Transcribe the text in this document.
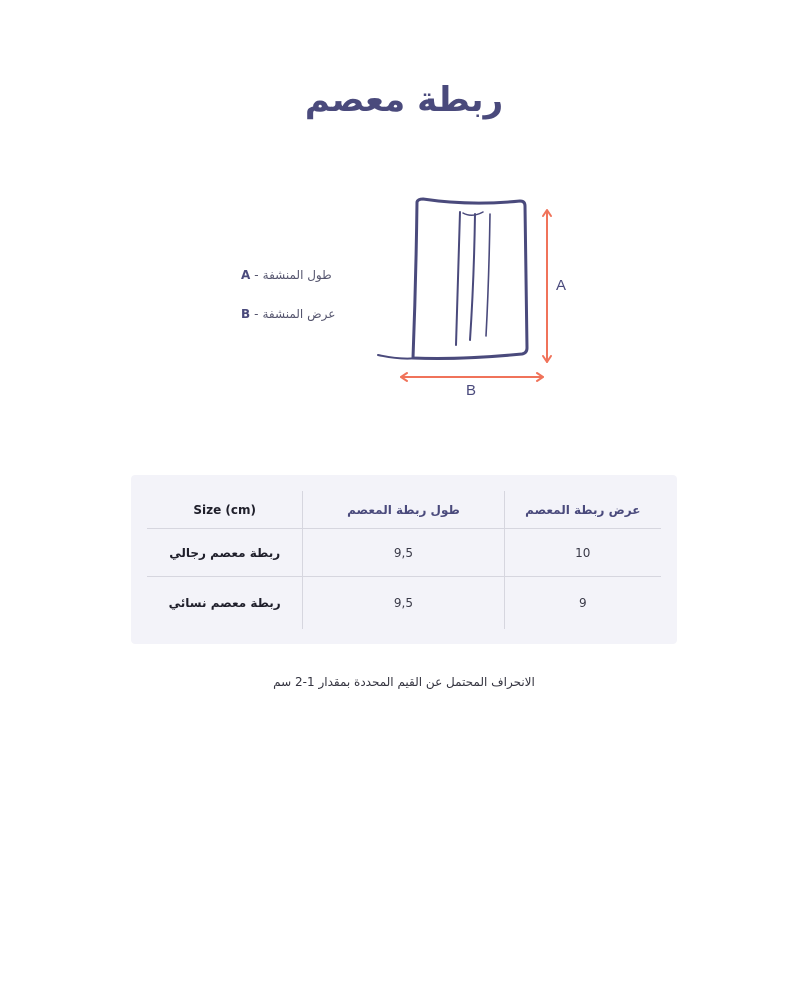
ربطة معصم
A - طول المنشفة
B - عرض المنشفة
A
B
Size (cm)	طول ربطة المعصم	عرض ربطة المعصم
ربطة معصم رجالي	9,5	10
ربطة معصم نسائي	9,5	9
الانحراف المحتمل عن القيم المحددة بمقدار 1-2 سم
